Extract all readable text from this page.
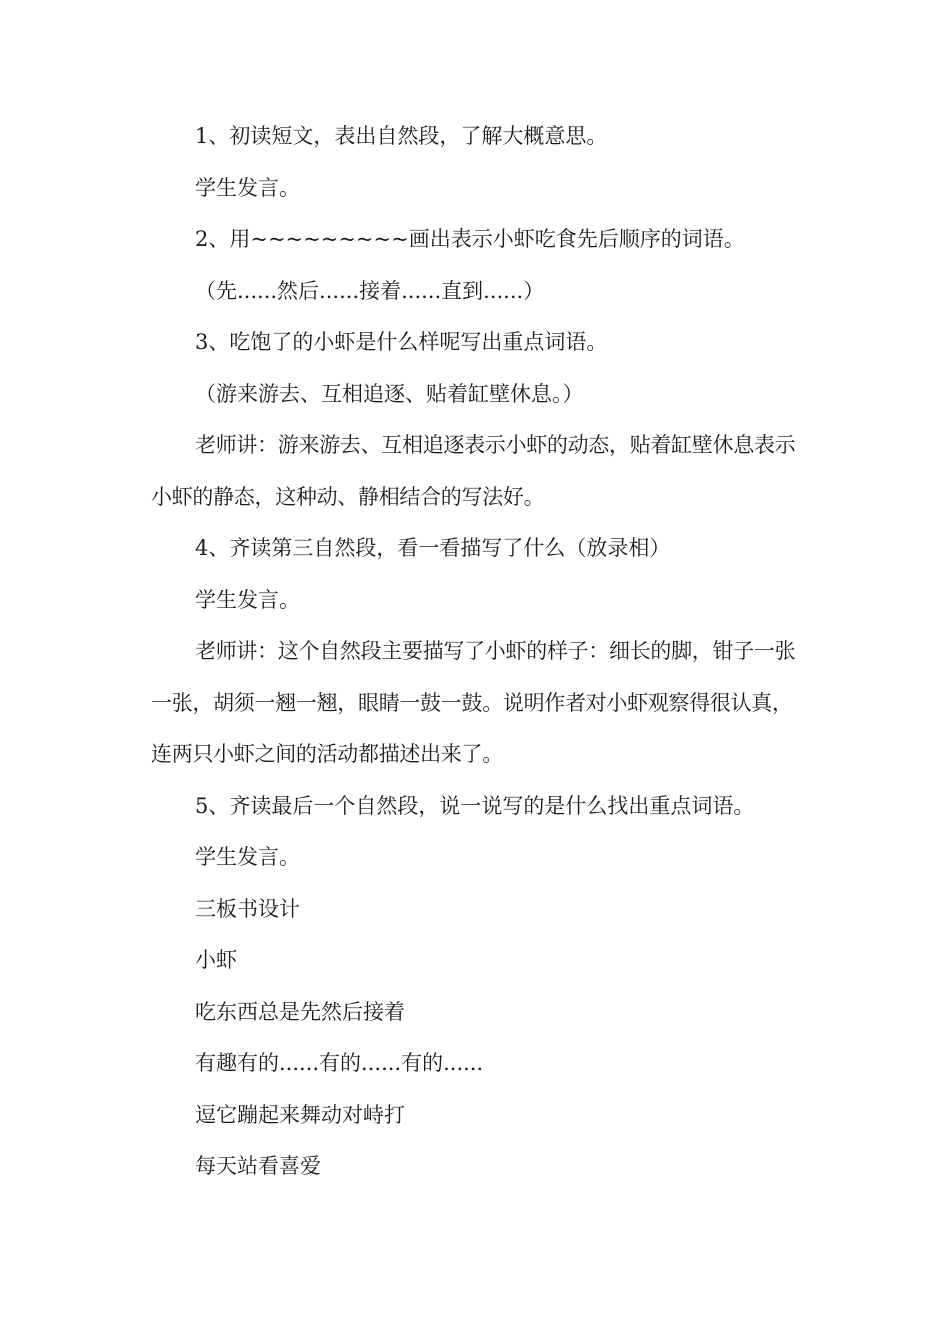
1、初读短文，表出自然段，了解大概意思。

学生发言。

2、用~~~~~~~~~画出表示小虾吃食先后顺序的词语。

（先......然后......接着......直到......）

3、吃饱了的小虾是什么样呢写出重点词语。

（游来游去、互相追逐、贴着缸壁休息。）

老师讲：游来游去、互相追逐表示小虾的动态，贴着缸壁休息表示小虾的静态，这种动、静相结合的写法好。

4、齐读第三自然段，看一看描写了什么（放录相）

学生发言。

老师讲：这个自然段主要描写了小虾的样子：细长的脚，钳子一张一张，胡须一翘一翘，眼睛一鼓一鼓。说明作者对小虾观察得很认真，连两只小虾之间的活动都描述出来了。

5、齐读最后一个自然段，说一说写的是什么找出重点词语。

学生发言。

三板书设计

小虾

吃东西总是先然后接着

有趣有的......有的......有的......

逗它蹦起来舞动对峙打

每天站看喜爱
